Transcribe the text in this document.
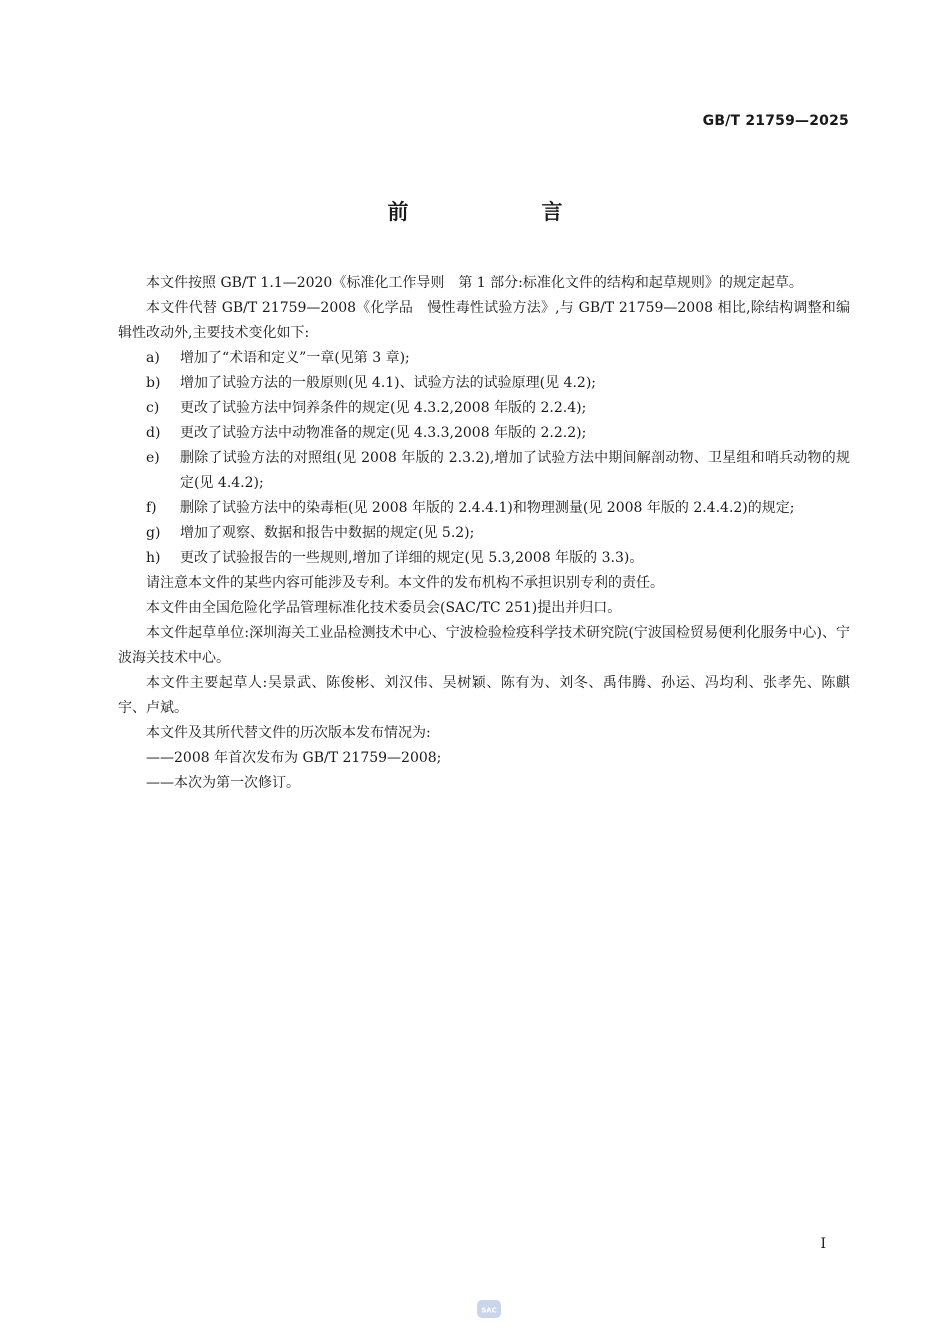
GB/T 21759—2025
前　言

本文件按照 GB/T 1.1—2020《标准化工作导则　第 1 部分:标准化文件的结构和起草规则》的规定起草。

本文件代替 GB/T 21759—2008《化学品　慢性毒性试验方法》,与 GB/T 21759—2008 相比,除结构调整和编辑性改动外,主要技术变化如下:

a) 增加了“术语和定义”一章(见第 3 章);
b) 增加了试验方法的一般原则(见 4.1)、试验方法的试验原理(见 4.2);
c) 更改了试验方法中饲养条件的规定(见 4.3.2,2008 年版的 2.2.4);
d) 更改了试验方法中动物准备的规定(见 4.3.3,2008 年版的 2.2.2);
e) 删除了试验方法的对照组(见 2008 年版的 2.3.2),增加了试验方法中期间解剖动物、卫星组和哨兵动物的规定(见 4.4.2);
f) 删除了试验方法中的染毒柜(见 2008 年版的 2.4.4.1)和物理测量(见 2008 年版的 2.4.4.2)的规定;
g) 增加了观察、数据和报告中数据的规定(见 5.2);
h) 更改了试验报告的一些规则,增加了详细的规定(见 5.3,2008 年版的 3.3)。

请注意本文件的某些内容可能涉及专利。本文件的发布机构不承担识别专利的责任。

本文件由全国危险化学品管理标准化技术委员会(SAC/TC 251)提出并归口。

本文件起草单位:深圳海关工业品检测技术中心、宁波检验检疫科学技术研究院(宁波国检贸易便利化服务中心)、宁波海关技术中心。

本文件主要起草人:吴景武、陈俊彬、刘汉伟、吴树颖、陈有为、刘冬、禹伟腾、孙运、冯均利、张孝先、陈麒宇、卢斌。

本文件及其所代替文件的历次版本发布情况为:

——2008 年首次发布为 GB/T 21759—2008;

——本次为第一次修订。

I
SAC
